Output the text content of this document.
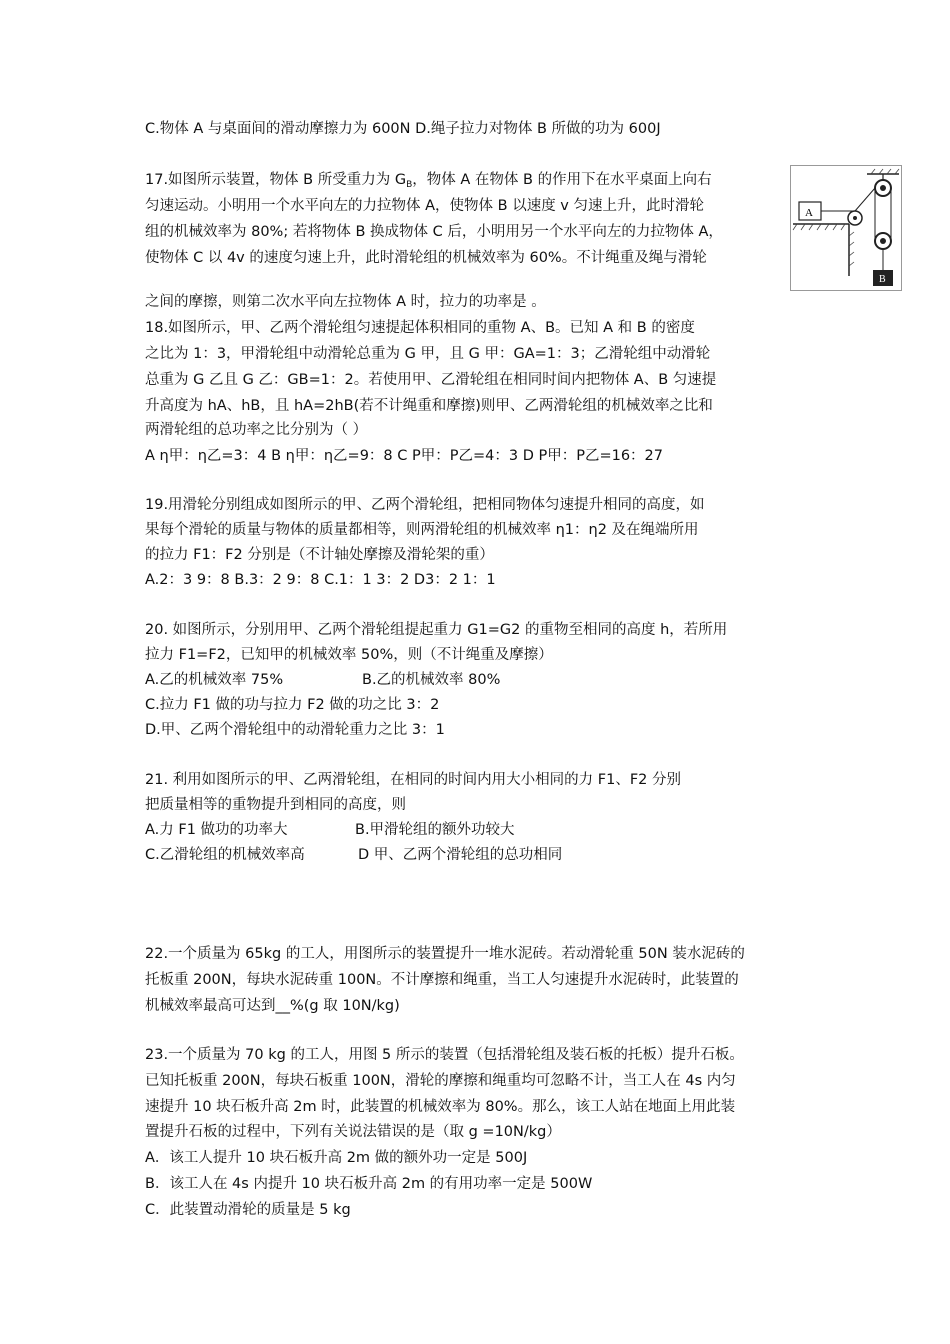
C.物体 A 与桌面间的滑动摩擦力为 600N D.绳子拉力对物体 B 所做的功为 600J
17.如图所示装置，物体 B 所受重力为 $G_B$，物体 A 在物体 B 的作用下在水平桌面上向右
匀速运动。小明用一个水平向左的力拉物体 A，使物体 B 以速度 v 匀速上升，此时滑轮
组的机械效率为 80%; 若将物体 B 换成物体 C 后，小明用另一个水平向左的力拉物体 A，
使物体 C 以 4v 的速度匀速上升，此时滑轮组的机械效率为 60%。不计绳重及绳与滑轮
之间的摩擦，则第二次水平向左拉物体 A 时，拉力的功率是 。
A
B
18.如图所示，甲、乙两个滑轮组匀速提起体积相同的重物 A、B。已知 A 和 B 的密度
之比为 1：3，甲滑轮组中动滑轮总重为 G 甲，且 G 甲：GA=1：3；乙滑轮组中动滑轮
总重为 G 乙且 G 乙：GB=1：2。若使用甲、乙滑轮组在相同时间内把物体 A、B 匀速提
升高度为 hA、hB，且 hA=2hB(若不计绳重和摩擦)则甲、乙两滑轮组的机械效率之比和
两滑轮组的总功率之比分别为（ ）
A η甲：η乙=3：4 B η甲：η乙=9：8 C P甲：P乙=4：3 D P甲：P乙=16：27
19.用滑轮分别组成如图所示的甲、乙两个滑轮组，把相同物体匀速提升相同的高度，如
果每个滑轮的质量与物体的质量都相等，则两滑轮组的机械效率 η1：η2 及在绳端所用
的拉力 F1：F2 分别是（不计轴处摩擦及滑轮架的重）
A.2：3 9：8 B.3：2 9：8 C.1：1 3：2 D3：2 1：1
20. 如图所示，分别用甲、乙两个滑轮组提起重力 G1=G2 的重物至相同的高度 h，若所用
拉力 F1=F2，已知甲的机械效率 50%，则（不计绳重及摩擦）
A.乙的机械效率 75%	B.乙的机械效率 80%
C.拉力 F1 做的功与拉力 F2 做的功之比 3：2
D.甲、乙两个滑轮组中的动滑轮重力之比 3：1
21. 利用如图所示的甲、乙两滑轮组，在相同的时间内用大小相同的力 F1、F2 分别
把质量相等的重物提升到相同的高度，则
A.力 F1 做功的功率大	B.甲滑轮组的额外功较大
C.乙滑轮组的机械效率高	D 甲、乙两个滑轮组的总功相同
22.一个质量为 65kg 的工人，用图所示的装置提升一堆水泥砖。若动滑轮重 50N 装水泥砖的
托板重 200N，每块水泥砖重 100N。不计摩擦和绳重，当工人匀速提升水泥砖时，此装置的
机械效率最高可达到__%(g 取 10N/kg)
23.一个质量为 70 kg 的工人，用图 5 所示的装置（包括滑轮组及装石板的托板）提升石板。
已知托板重 200N，每块石板重 100N，滑轮的摩擦和绳重均可忽略不计，当工人在 4s 内匀
速提升 10 块石板升高 2m 时，此装置的机械效率为 80%。那么，该工人站在地面上用此装
置提升石板的过程中，下列有关说法错误的是（取 g =10N/kg）
A．该工人提升 10 块石板升高 2m 做的额外功一定是 500J
B．该工人在 4s 内提升 10 块石板升高 2m 的有用功率一定是 500W
C．此装置动滑轮的质量是 5 kg
